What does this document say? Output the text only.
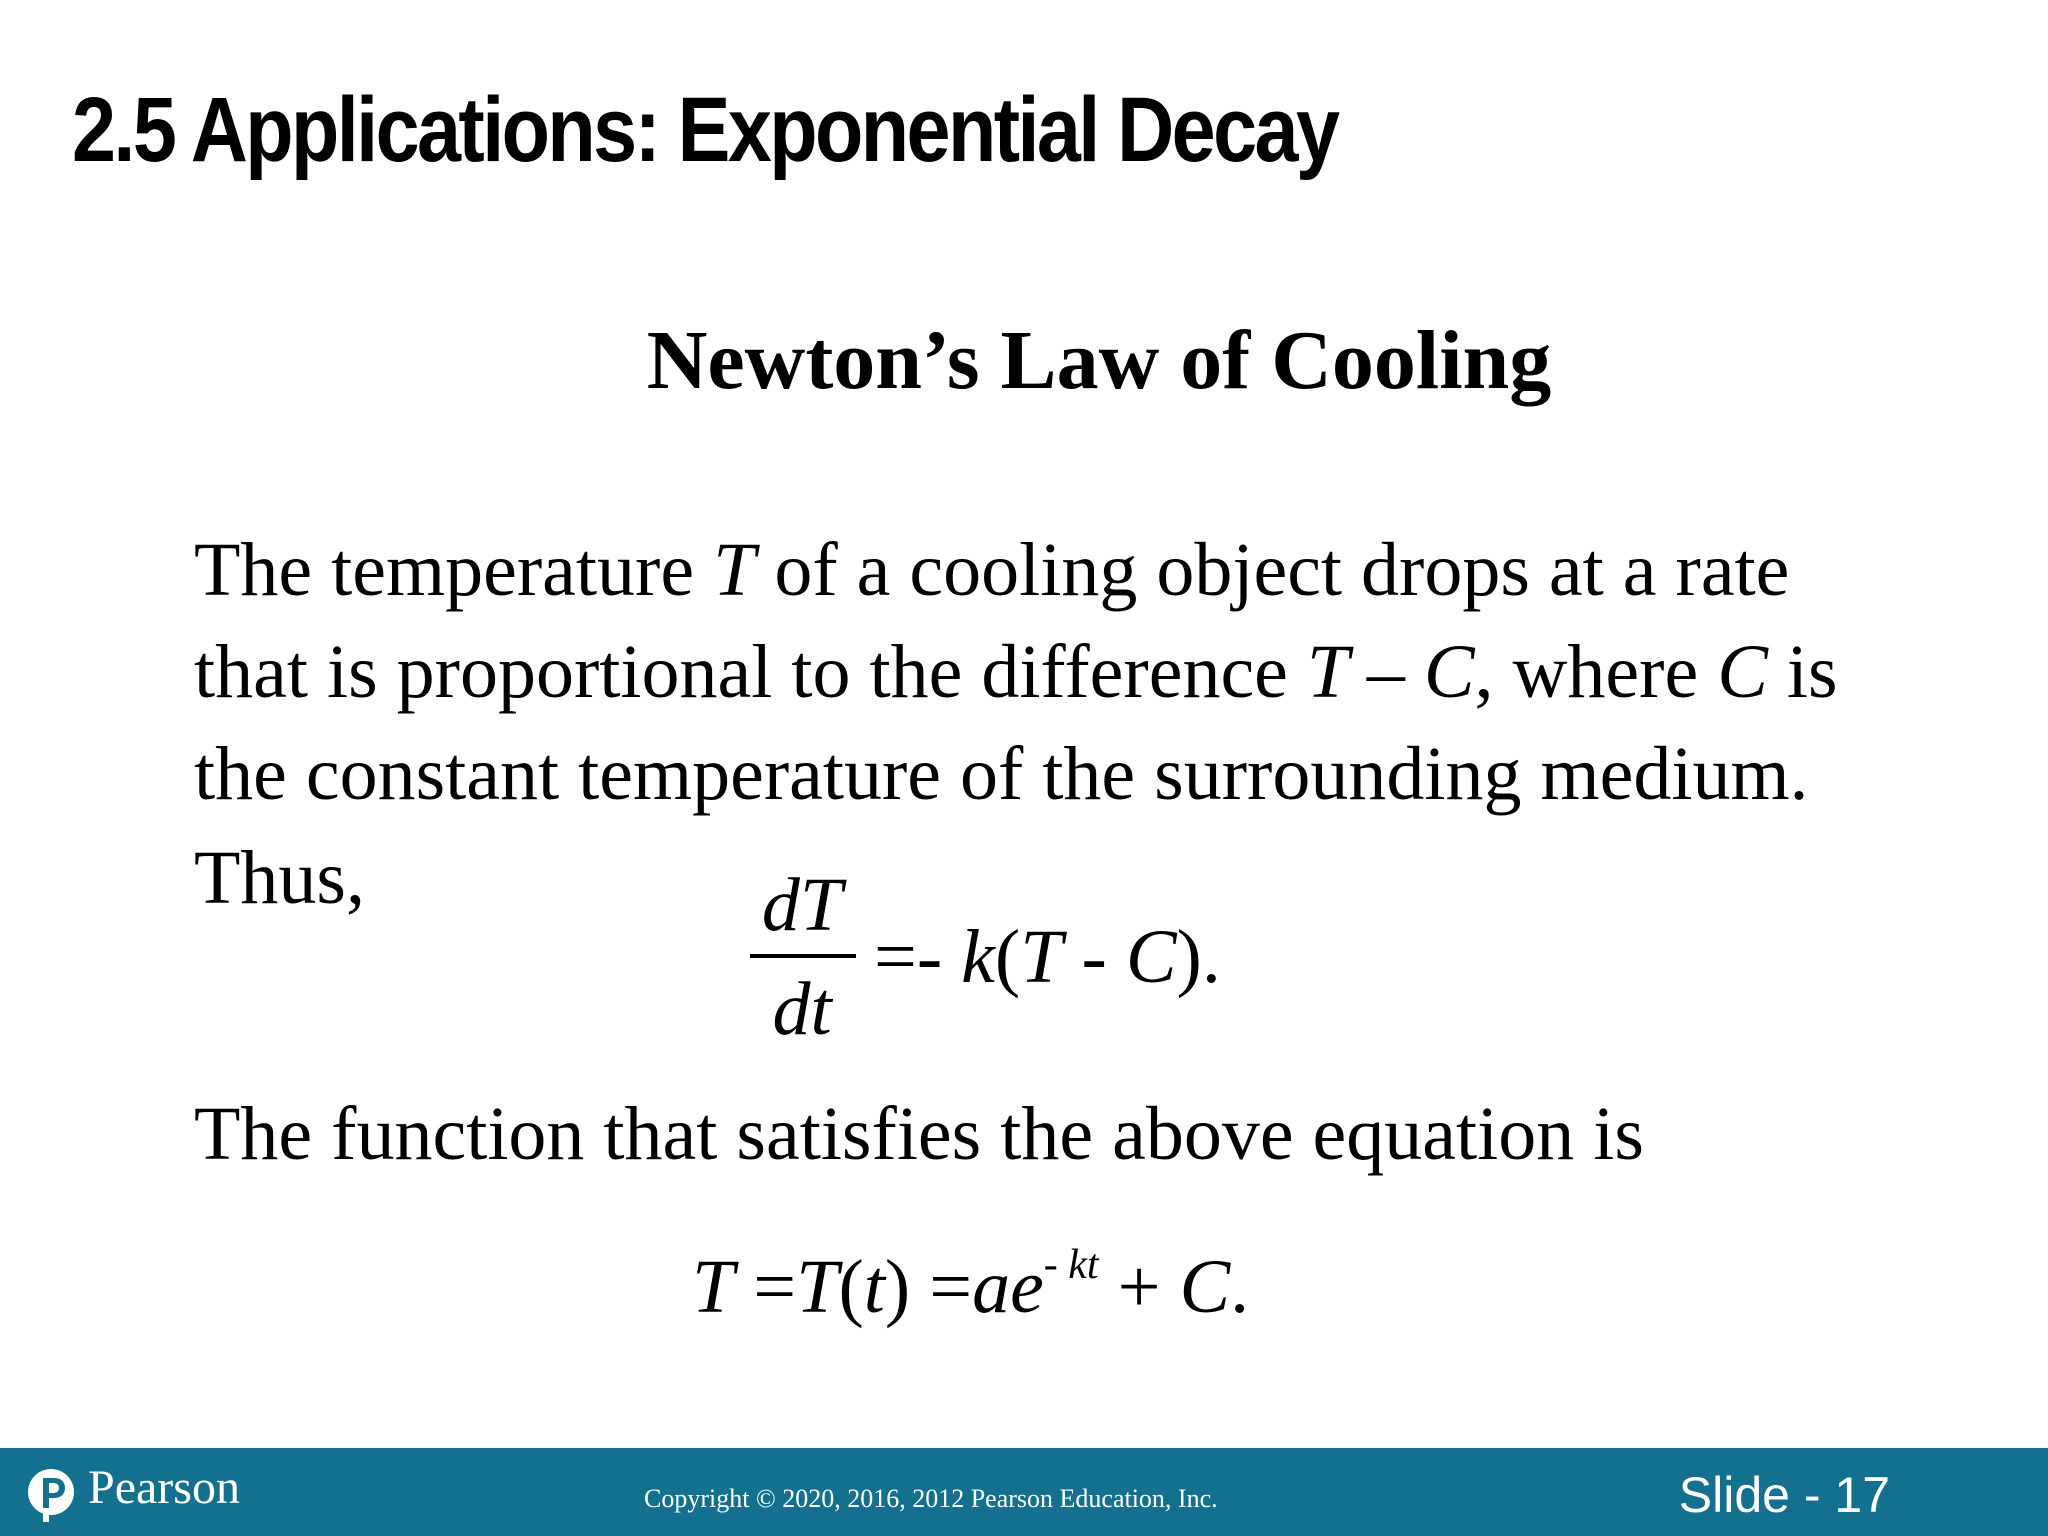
2.5 Applications: Exponential Decay
Newton’s Law of Cooling
The temperature T of a cooling object drops at a rate
that is proportional to the difference T – C, where C is
the constant temperature of the surrounding medium.
Thus,	dT
dt
=- k(T - C).
The function that satisfies the above equation is
$T =T(t) =ae^{- kt} + C$.
Pearson	Copyright © 2020, 2016, 2012 Pearson Education, Inc.	Slide - 17
